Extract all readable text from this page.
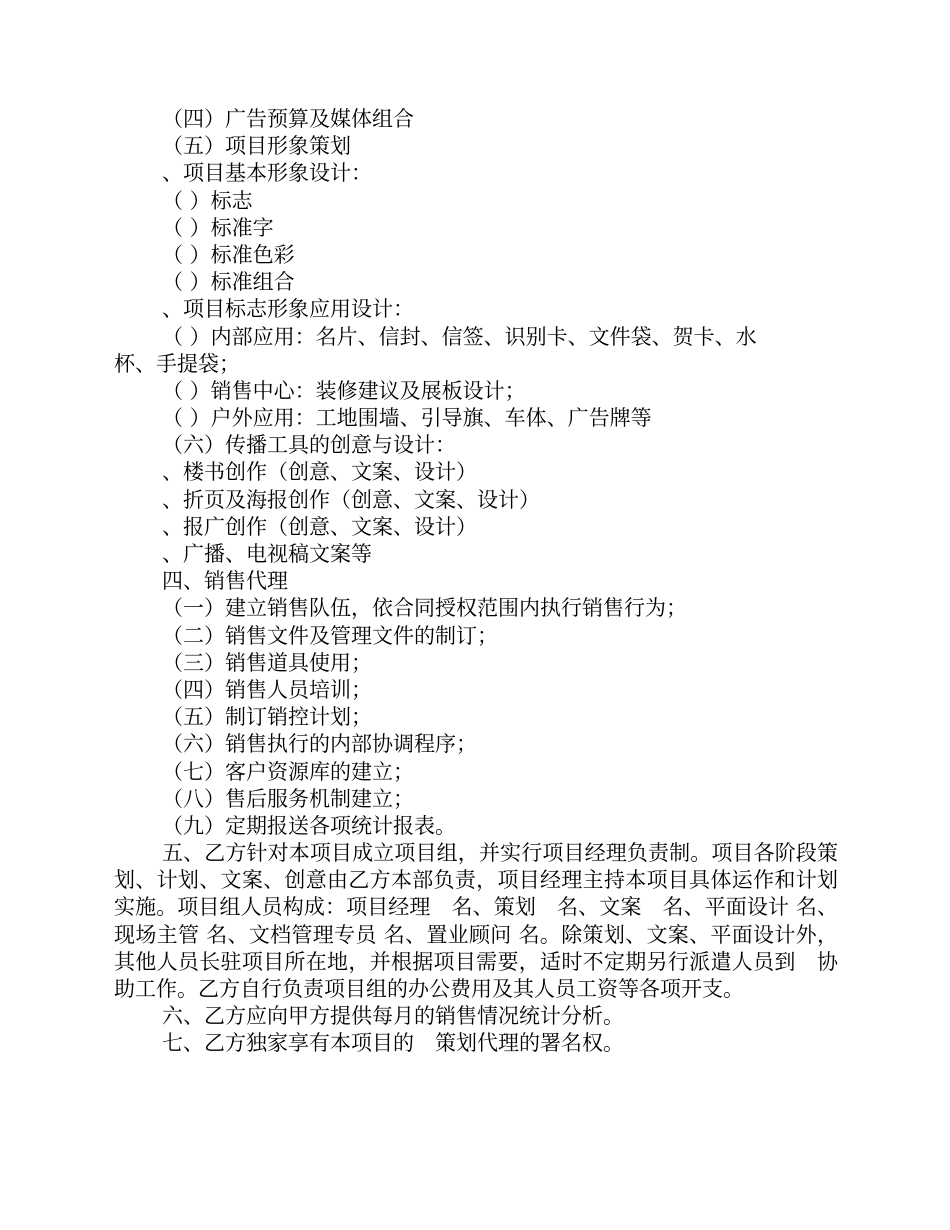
（四）广告预算及媒体组合
（五）项目形象策划
、项目基本形象设计：
（ ）标志
（ ）标准字
（ ）标准色彩
（ ）标准组合
、项目标志形象应用设计：
（ ）内部应用：名片、信封、信签、识别卡、文件袋、贺卡、水
杯、手提袋；
（ ）销售中心：装修建议及展板设计；
（ ）户外应用：工地围墙、引导旗、车体、广告牌等
（六）传播工具的创意与设计：
、楼书创作（创意、文案、设计）
、折页及海报创作（创意、文案、设计）
、报广创作（创意、文案、设计）
、广播、电视稿文案等
四、销售代理
（一）建立销售队伍，依合同授权范围内执行销售行为；
（二）销售文件及管理文件的制订；
（三）销售道具使用；
（四）销售人员培训；
（五）制订销控计划；
（六）销售执行的内部协调程序；
（七）客户资源库的建立；
（八）售后服务机制建立；
（九）定期报送各项统计报表。
五、乙方针对本项目成立项目组，并实行项目经理负责制。项目各阶段策划、计划、文案、创意由乙方本部负责，项目经理主持本项目具体运作和计划实施。项目组人员构成：项目经理　名、策划　名、文案　名、平面设计 名、现场主管 名、文档管理专员 名、置业顾问 名。除策划、文案、平面设计外，其他人员长驻项目所在地，并根据项目需要，适时不定期另行派遣人员到　协助工作。乙方自行负责项目组的办公费用及其人员工资等各项开支。
六、乙方应向甲方提供每月的销售情况统计分析。
七、乙方独家享有本项目的　策划代理的署名权。
